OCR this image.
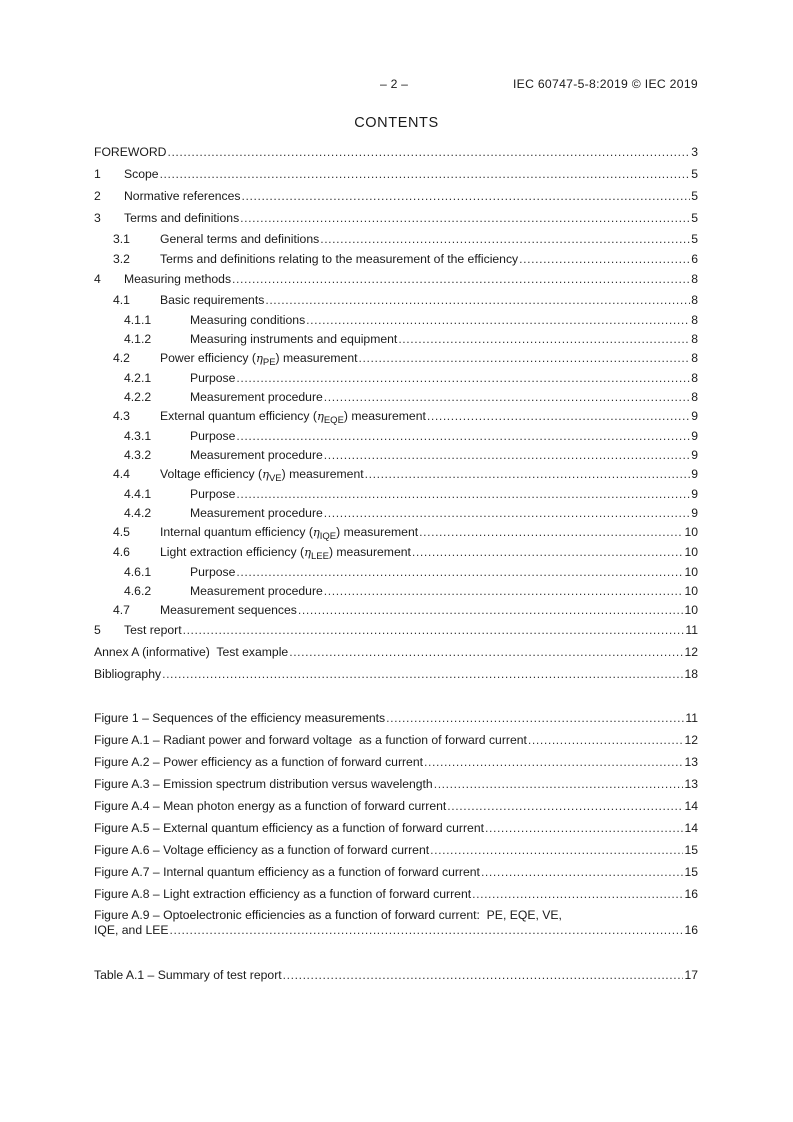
– 2 –	IEC 60747-5-8:2019 © IEC 2019
CONTENTS
FOREWORD .....	3
1	Scope .....	5
2	Normative references .....	5
3	Terms and definitions .....	5
3.1	General terms and definitions .....	5
3.2	Terms and definitions relating to the measurement of the efficiency .....	6
4	Measuring methods .....	8
4.1	Basic requirements .....	8
4.1.1	Measuring conditions .....	8
4.1.2	Measuring instruments and equipment .....	8
4.2	Power efficiency $(\eta_{PE})$ measurement .....	8
4.2.1	Purpose .....	8
4.2.2	Measurement procedure .....	8
4.3	External quantum efficiency $(\eta_{EQE})$ measurement .....	9
4.3.1	Purpose .....	9
4.3.2	Measurement procedure .....	9
4.4	Voltage efficiency $(\eta_{VE})$ measurement .....	9
4.4.1	Purpose .....	9
4.4.2	Measurement procedure .....	9
4.5	Internal quantum efficiency $(\eta_{IQE})$ measurement .....	10
4.6	Light extraction efficiency $(\eta_{LEE})$ measurement .....	10
4.6.1	Purpose .....	10
4.6.2	Measurement procedure .....	10
4.7	Measurement sequences .....	10
5	Test report .....	11
Annex A (informative)  Test example .....	12
Bibliography .....	18
Figure 1 – Sequences of the efficiency measurements .....	11
Figure A.1 – Radiant power and forward voltage  as a function of forward current .....	12
Figure A.2 – Power efficiency as a function of forward current .....	13
Figure A.3 – Emission spectrum distribution versus wavelength .....	13
Figure A.4 – Mean photon energy as a function of forward current .....	14
Figure A.5 – External quantum efficiency as a function of forward current .....	14
Figure A.6 – Voltage efficiency as a function of forward current .....	15
Figure A.7 – Internal quantum efficiency as a function of forward current .....	15
Figure A.8 – Light extraction efficiency as a function of forward current .....	16
Figure A.9 – Optoelectronic efficiencies as a function of forward current:  PE, EQE, VE,
IQE, and LEE .....	16
Table A.1 – Summary of test report .....	17
